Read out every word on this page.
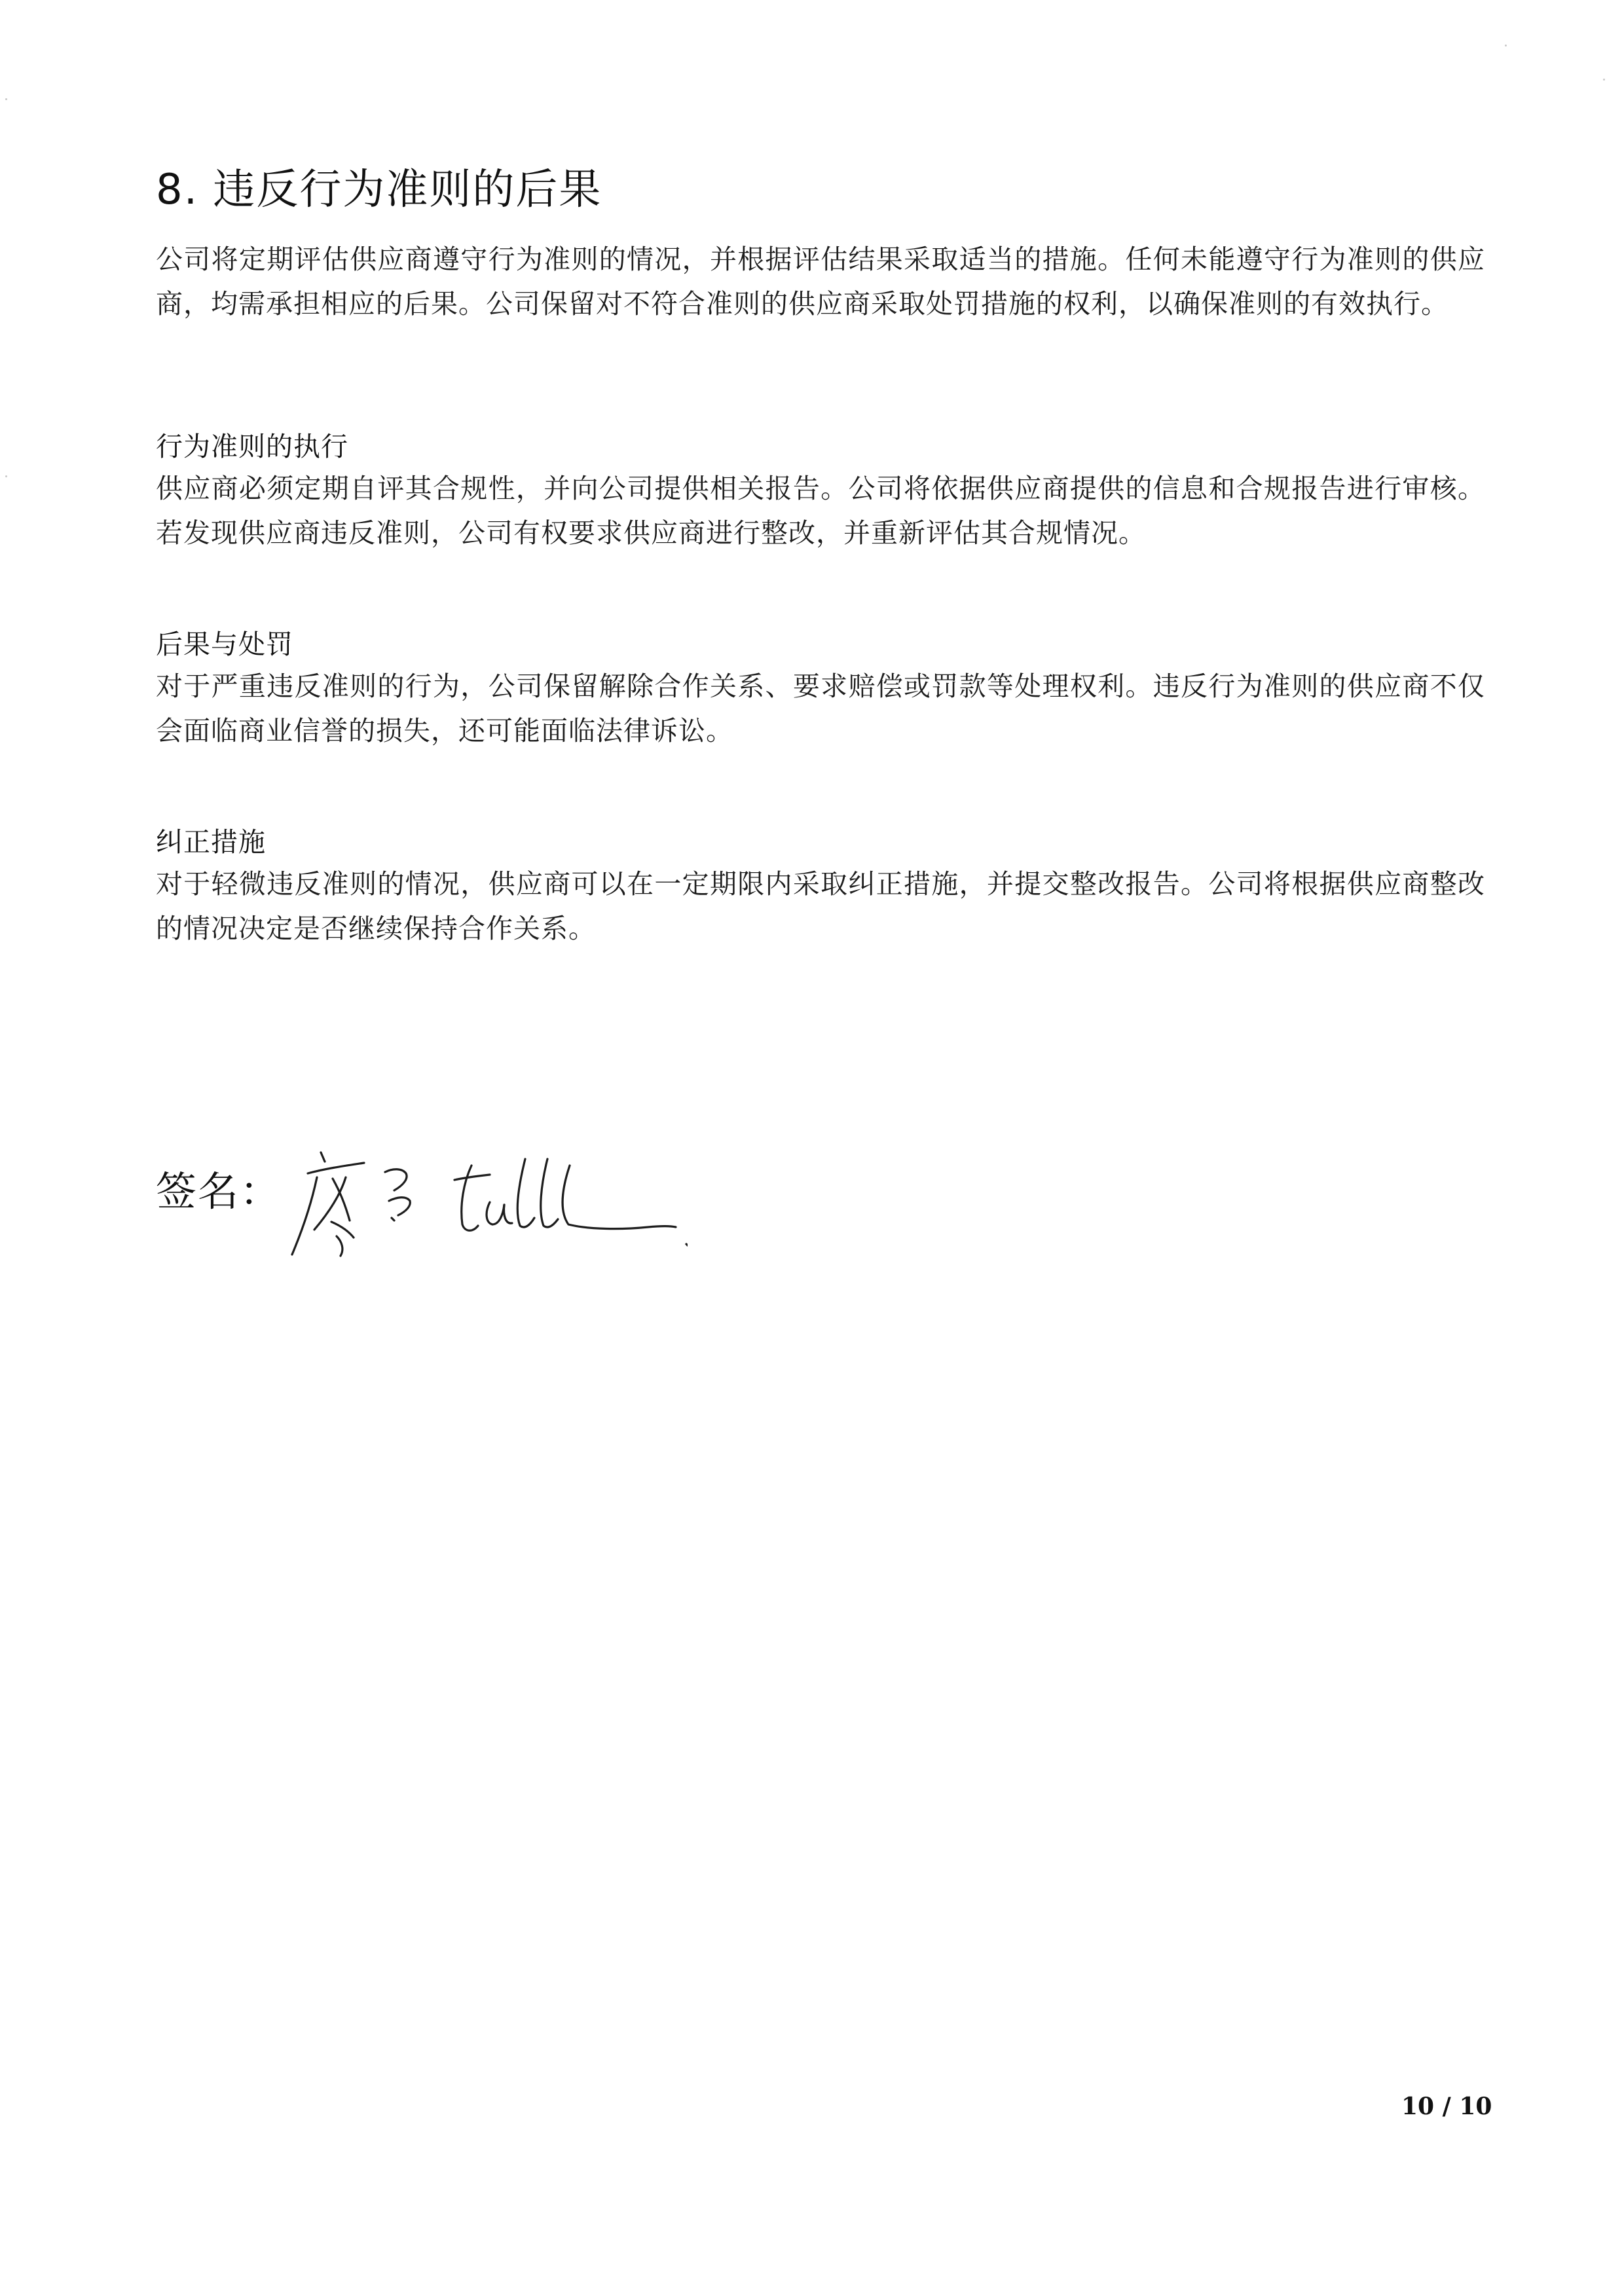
8. 违反行为准则的后果

公司将定期评估供应商遵守行为准则的情况，并根据评估结果采取适当的措施。任何未能遵守行为准则的供应商，均需承担相应的后果。公司保留对不符合准则的供应商采取处罚措施的权利，以确保准则的有效执行。

行为准则的执行

供应商必须定期自评其合规性，并向公司提供相关报告。公司将依据供应商提供的信息和合规报告进行审核。若发现供应商违反准则，公司有权要求供应商进行整改，并重新评估其合规情况。

后果与处罚

对于严重违反准则的行为，公司保留解除合作关系、要求赔偿或罚款等处理权利。违反行为准则的供应商不仅会面临商业信誉的损失，还可能面临法律诉讼。

纠正措施

对于轻微违反准则的情况，供应商可以在一定期限内采取纠正措施，并提交整改报告。公司将根据供应商整改的情况决定是否继续保持合作关系。

签名：
10 / 10
